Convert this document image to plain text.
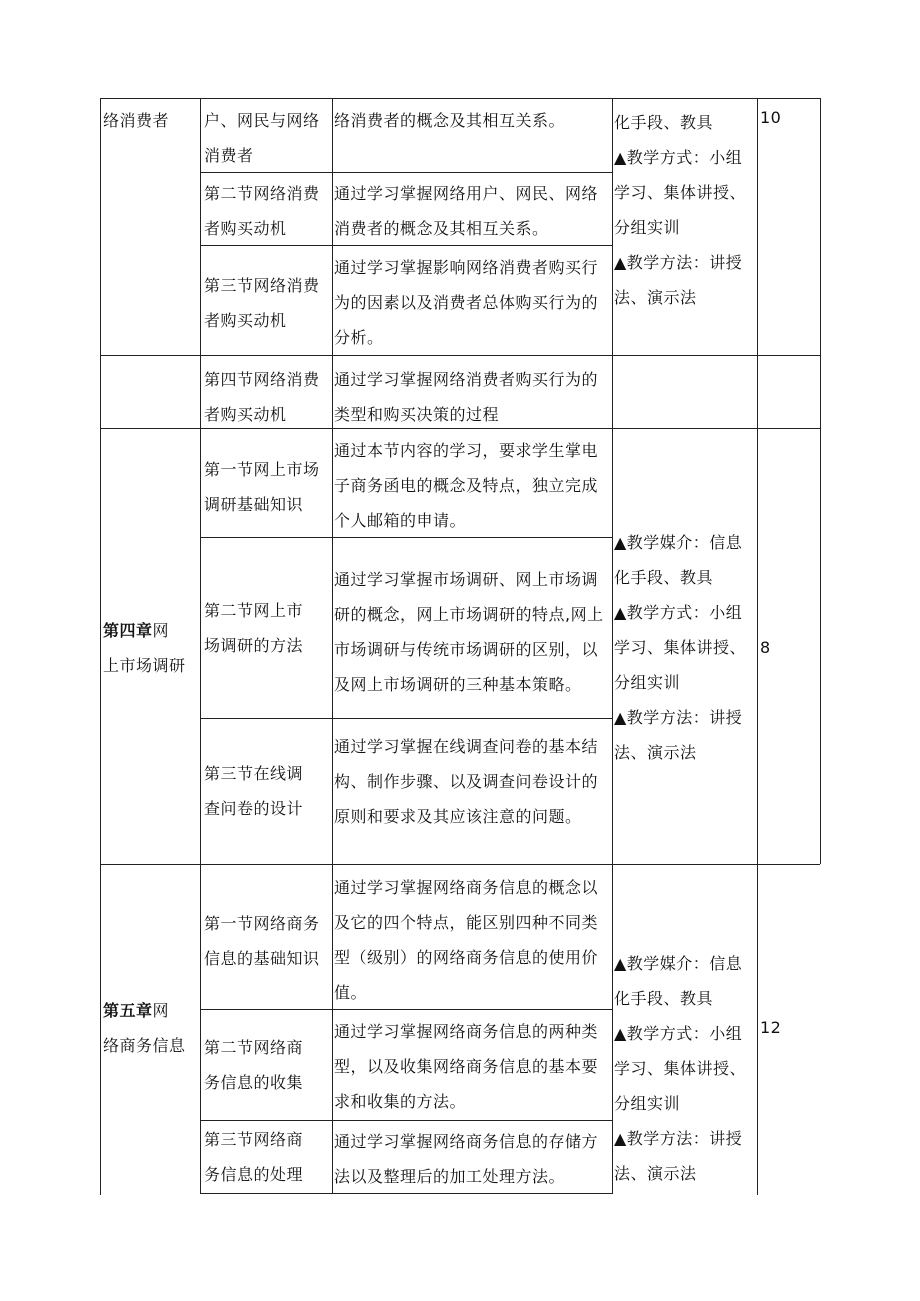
络消费者 户、网民与网络
消费者
第二节网络消费
者购买动机
第三节网络消费
者购买动机
络消费者的概念及其相互关系。
通过学习掌握网络用户、网民、网络
消费者的概念及其相互关系。
通过学习掌握影响网络消费者购买行
为的因素以及消费者总体购买行为的
分析。
化手段、教具
▲教学方式：小组
学习、集体讲授、
分组实训
▲教学方法：讲授
法、演示法
10
第四节网络消费
者购买动机
通过学习掌握网络消费者购买行为的
类型和购买决策的过程
第四章网
上市场调研
第一节网上市场
调研基础知识
第二节网上市
场调研的方法
第三节在线调
查问卷的设计
通过本节内容的学习，要求学生掌电
子商务函电的概念及特点，独立完成
个人邮箱的申请。
通过学习掌握市场调研、网上市场调
研的概念，网上市场调研的特点,网上
市场调研与传统市场调研的区别，以
及网上市场调研的三种基本策略。
通过学习掌握在线调查问卷的基本结
构、制作步骤、以及调查问卷设计的
原则和要求及其应该注意的问题。
▲教学媒介：信息
化手段、教具
▲教学方式：小组
学习、集体讲授、
分组实训
▲教学方法：讲授
法、演示法
8
第五章网
络商务信息
第一节网络商务
信息的基础知识
第二节网络商
务信息的收集
第三节网络商
务信息的处理
通过学习掌握网络商务信息的概念以
及它的四个特点，能区别四种不同类
型（级别）的网络商务信息的使用价
值。
通过学习掌握网络商务信息的两种类
型，以及收集网络商务信息的基本要
求和收集的方法。
通过学习掌握网络商务信息的存储方
法以及整理后的加工处理方法。
▲教学媒介：信息
化手段、教具
▲教学方式：小组
学习、集体讲授、
分组实训
▲教学方法：讲授
法、演示法
12
